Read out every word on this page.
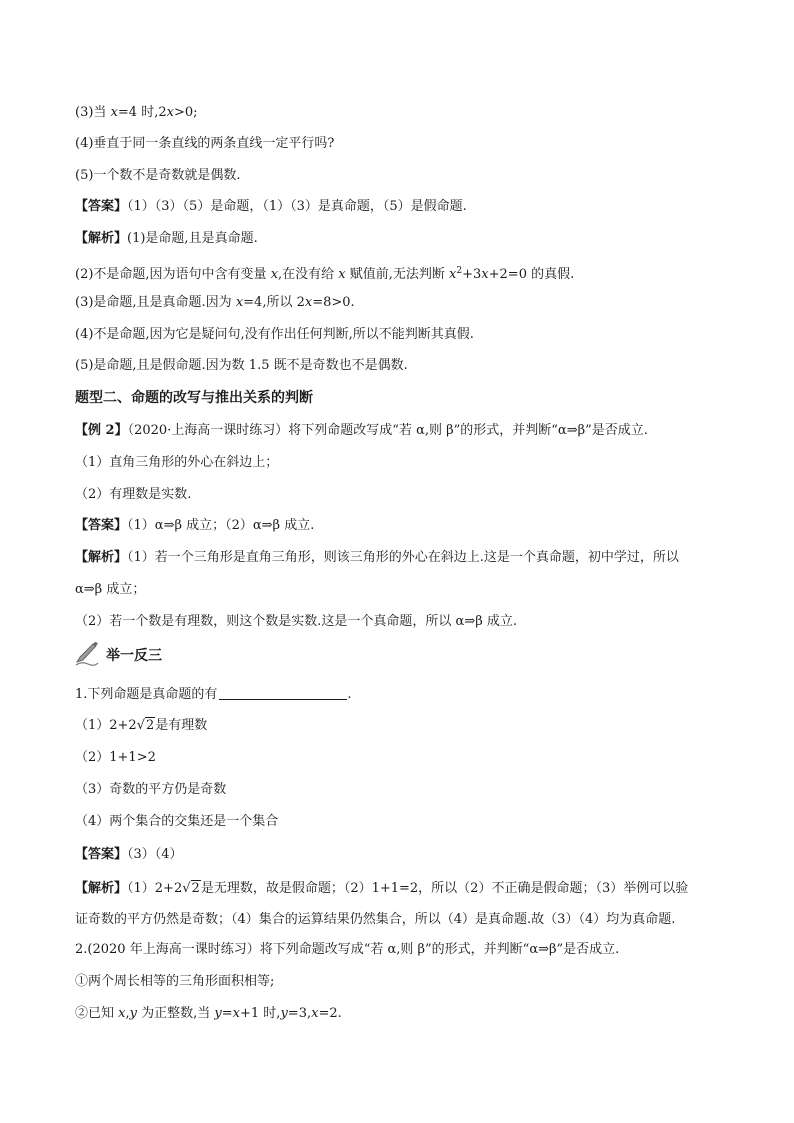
(3)当 x=4 时,2x>0;
(4)垂直于同一条直线的两条直线一定平行吗?
(5)一个数不是奇数就是偶数.
【答案】（1）（3）（5）是命题，（1）（3）是真命题，（5）是假命题.
【解析】(1)是命题,且是真命题.
(2)不是命题,因为语句中含有变量 x,在没有给 x 赋值前,无法判断 $x^2+3x+2=0$ 的真假.
(3)是命题,且是真命题.因为 x=4,所以 2x=8>0.
(4)不是命题,因为它是疑问句,没有作出任何判断,所以不能判断其真假.
(5)是命题,且是假命题.因为数 1.5 既不是奇数也不是偶数.
题型二、命题的改写与推出关系的判断
【例 2】（2020·上海高一课时练习）将下列命题改写成“若 α,则 β”的形式，并判断“α⇒β”是否成立.
（1）直角三角形的外心在斜边上；
（2）有理数是实数.
【答案】（1）α⇒β 成立；（2）α⇒β 成立.
【解析】（1）若一个三角形是直角三角形，则该三角形的外心在斜边上.这是一个真命题，初中学过，所以
α⇒β 成立；
（2）若一个数是有理数，则这个数是实数.这是一个真命题，所以 α⇒β 成立.
举一反三
1.下列命题是真命题的有	.
（1）2+2√2是有理数
（2）1+1>2
（3）奇数的平方仍是奇数
（4）两个集合的交集还是一个集合
【答案】（3）（4）
【解析】（1）2+2√2是无理数，故是假命题；（2）1+1=2，所以（2）不正确是假命题；（3）举例可以验
证奇数的平方仍然是奇数；（4）集合的运算结果仍然集合，所以（4）是真命题.故（3）（4）均为真命题.
2.(2020 年上海高一课时练习）将下列命题改写成“若 α,则 β”的形式，并判断“α⇒β”是否成立.
①两个周长相等的三角形面积相等;
②已知 x,y 为正整数,当 y=x+1 时,y=3,x=2.
